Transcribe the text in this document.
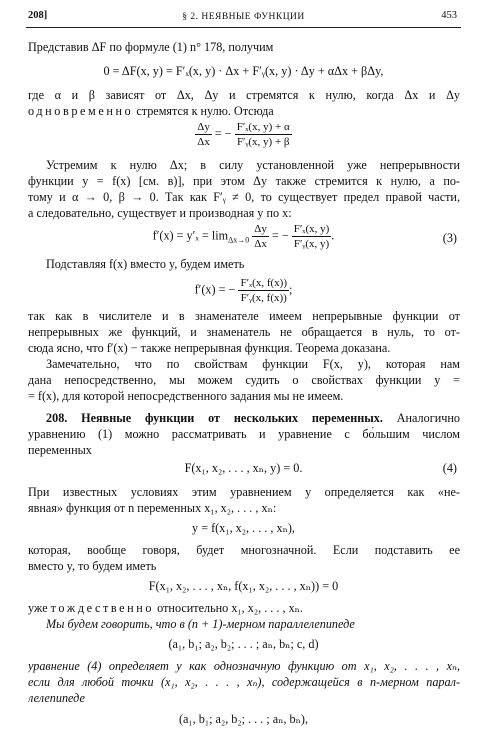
208]	§ 2. НЕЯВНЫЕ ФУНКЦИИ	453
Представив ΔF по формуле (1) n° 178, получим
0 = ΔF(x, y) = F′ₓ(x, y) · Δx + F′ᵧ(x, y) · Δy + αΔx + βΔy,
где α и β зависят от Δx, Δy и стремятся к нулю, когда Δx и Δy
одновременно стремятся к нулю. Отсюда
$\frac{\Delta y}{\Delta x}$ = − $\frac{\text{F′ₓ(x, y) + α}}{\text{F′ᵧ(x, y) + β}}$
Устремим к нулю Δx; в силу установленной уже непрерывности
функции y = f(x) [см. в)], при этом Δy также стремится к нулю, а по-
тому и α → 0, β → 0. Так как F′ᵧ ≠ 0, то существует предел правой части,
а следовательно, существует и производная y по x:
$f'(x) = y'_x = \lim_{\Delta x\to 0} \frac{\Delta y}{\Delta x}$ = − $\frac{\text{F′ₓ(x, y)}}{\text{F′ᵧ(x, y)}}$ .	(3)
Подставляя f(x) вместо y, будем иметь
f′(x) = − $\frac{\text{F′ₓ(x, f(x))}}{\text{F′ᵧ(x, f(x))}}$ ;
так как в числителе и в знаменателе имеем непрерывные функции от
непрерывных же функций, и знаменатель не обращается в нуль, то от-
сюда ясно, что f′(x) − также непрерывная функция. Теорема доказана.
Замечательно, что по свойствам функции F(x, y), которая нам
дана непосредственно, мы можем судить о свойствах функции y =
= f(x), для которой непосредственного задания мы не имеем.
208. Неявные функции от нескольких переменных. Аналогично
уравнению (1) можно рассматривать и уравнение с бо́льшим числом
переменных
F(x₁, x₂, . . . , xₙ, y) = 0.	(4)
При известных условиях этим уравнением y определяется как «не-
явная» функция от n переменных x₁, x₂, . . . , xₙ:
y = f(x₁, x₂, . . . , xₙ),
которая, вообще говоря, будет многозначной. Если подставить ее
вместо y, то будем иметь
F(x₁, x₂, . . . , xₙ, f(x₁, x₂, . . . , xₙ)) = 0
уже тождественно относительно x₁, x₂, . . . , xₙ.
Мы будем говорить, что в (n + 1)-мерном параллелепипеде
(a₁, b₁; a₂, b₂; . . . ; aₙ, bₙ; c, d)
уравнение (4) определяет y как однозначную функцию от x₁, x₂, . . . , xₙ,
если для любой точки (x₁, x₂, . . . , xₙ), содержащейся в n-мерном парал-
лелепипеде
(a₁, b₁; a₂, b₂; . . . ; aₙ, bₙ),
